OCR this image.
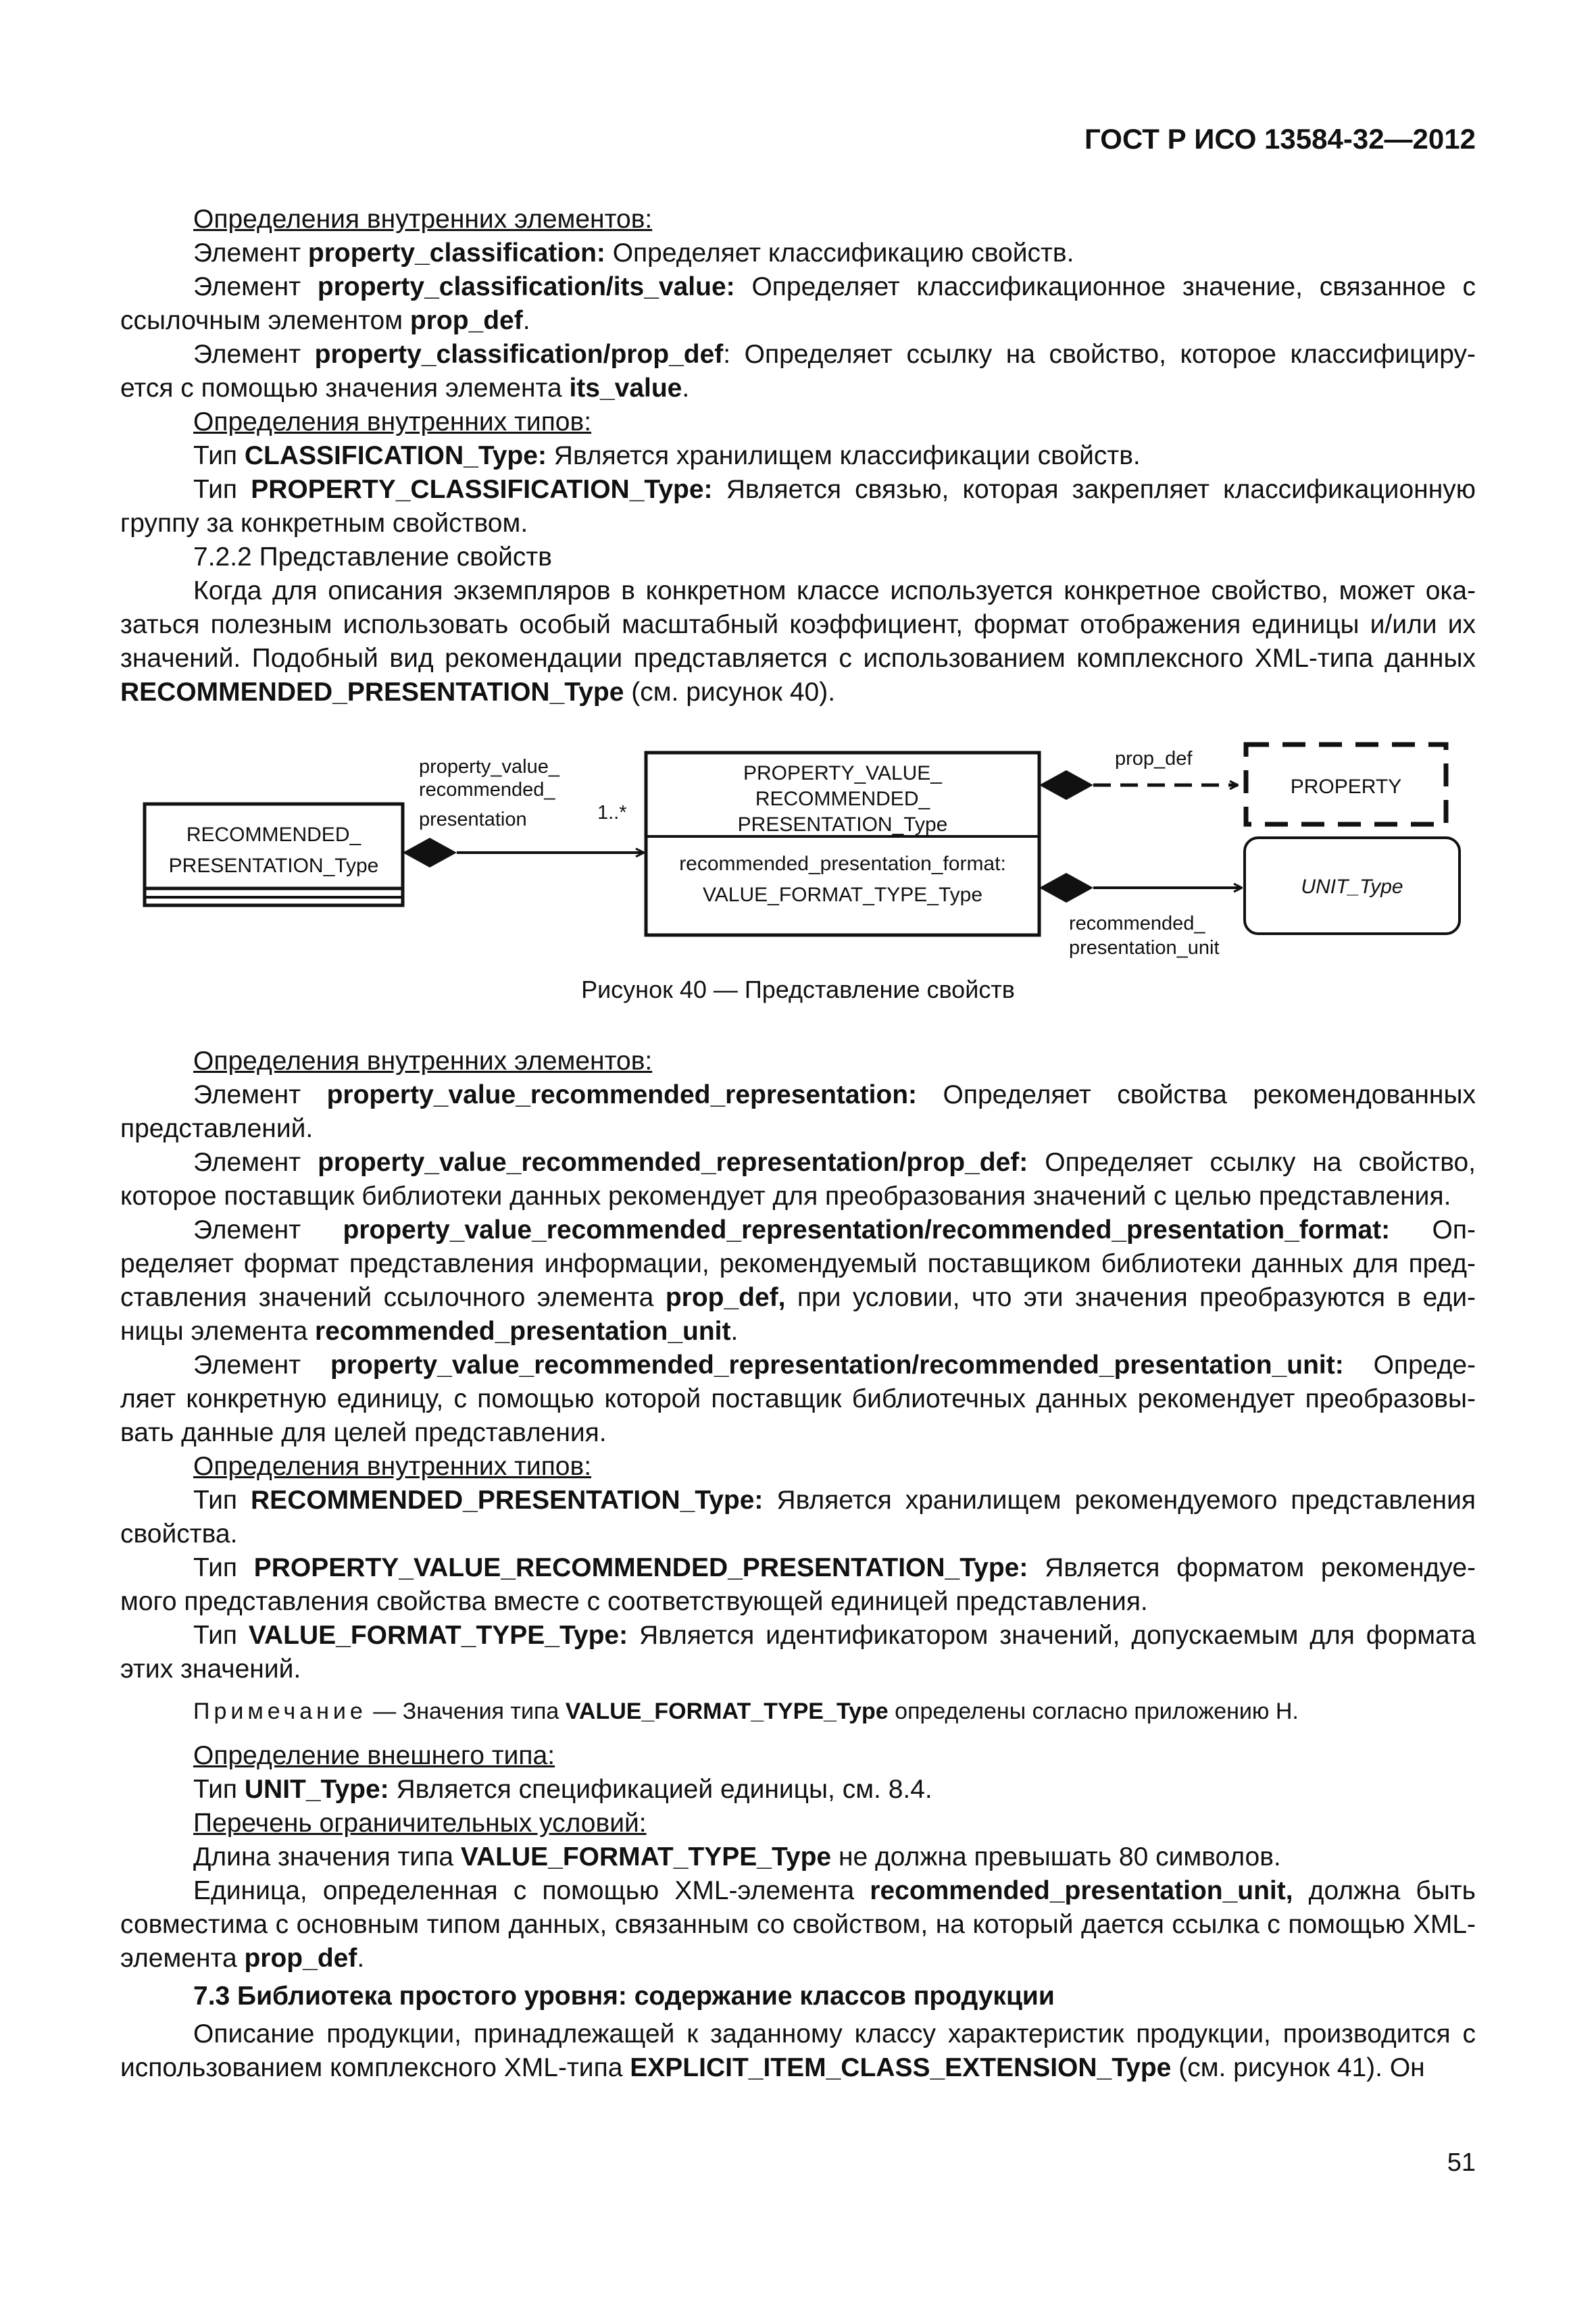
ГОСТ Р ИСО 13584-32—2012

Определения внутренних элементов:

Элемент property_classification: Определяет классификацию свойств.

Элемент property_classification/its_value: Определяет классификационное значение, связанное с ссылочным элементом prop_def.

Элемент property_classification/prop_def: Определяет ссылку на свойство, которое классифициру-ется с помощью значения элемента its_value.

Определения внутренних типов:

Тип CLASSIFICATION_Type: Является хранилищем классификации свойств.

Тип PROPERTY_CLASSIFICATION_Type: Является связью, которая закрепляет классификационную группу за конкретным свойством.

7.2.2 Представление свойств

Когда для описания экземпляров в конкретном классе используется конкретное свойство, может ока-заться полезным использовать особый масштабный коэффициент, формат отображения единицы и/или их значений. Подобный вид рекомендации представляется с использованием комплексного XML-типа данных RECOMMENDED_PRESENTATION_Type (см. рисунок 40).

RECOMMENDED_
PRESENTATION_Type
property_value_
recommended_
presentation	1..*
PROPERTY_VALUE_
RECOMMENDED_
PRESENTATION_Type
recommended_presentation_format:
VALUE_FORMAT_TYPE_Type
prop_def
PROPERTY
recommended_
presentation_unit
UNIT_Type
Рисунок 40 — Представление свойств

Определения внутренних элементов:

Элемент property_value_recommended_representation: Определяет свойства рекомендованных представлений.

Элемент property_value_recommended_representation/prop_def: Определяет ссылку на свойство, которое поставщик библиотеки данных рекомендует для преобразования значений с целью представления.

Элемент property_value_recommended_representation/recommended_presentation_format: Оп-ределяет формат представления информации, рекомендуемый поставщиком библиотеки данных для пред-ставления значений ссылочного элемента prop_def, при условии, что эти значения преобразуются в еди-ницы элемента recommended_presentation_unit.

Элемент property_value_recommended_representation/recommended_presentation_unit: Опреде-ляет конкретную единицу, с помощью которой поставщик библиотечных данных рекомендует преобразовы-вать данные для целей представления.

Определения внутренних типов:

Тип RECOMMENDED_PRESENTATION_Type: Является хранилищем рекомендуемого представления свойства.

Тип PROPERTY_VALUE_RECOMMENDED_PRESENTATION_Type: Является форматом рекомендуе-мого представления свойства вместе с соответствующей единицей представления.

Тип VALUE_FORMAT_TYPE_Type: Является идентификатором значений, допускаемым для формата этих значений.

Примечание — Значения типа VALUE_FORMAT_TYPE_Type определены согласно приложению Н.

Определение внешнего типа:

Тип UNIT_Type: Является спецификацией единицы, см. 8.4.

Перечень ограничительных условий:

Длина значения типа VALUE_FORMAT_TYPE_Type не должна превышать 80 символов.

Единица, определенная с помощью XML-элемента recommended_presentation_unit, должна быть совместима с основным типом данных, связанным со свойством, на который дается ссылка с помощью XML-элемента prop_def.

7.3 Библиотека простого уровня: содержание классов продукции

Описание продукции, принадлежащей к заданному классу характеристик продукции, производится с использованием комплексного XML-типа EXPLICIT_ITEM_CLASS_EXTENSION_Type (см. рисунок 41). Он

51
